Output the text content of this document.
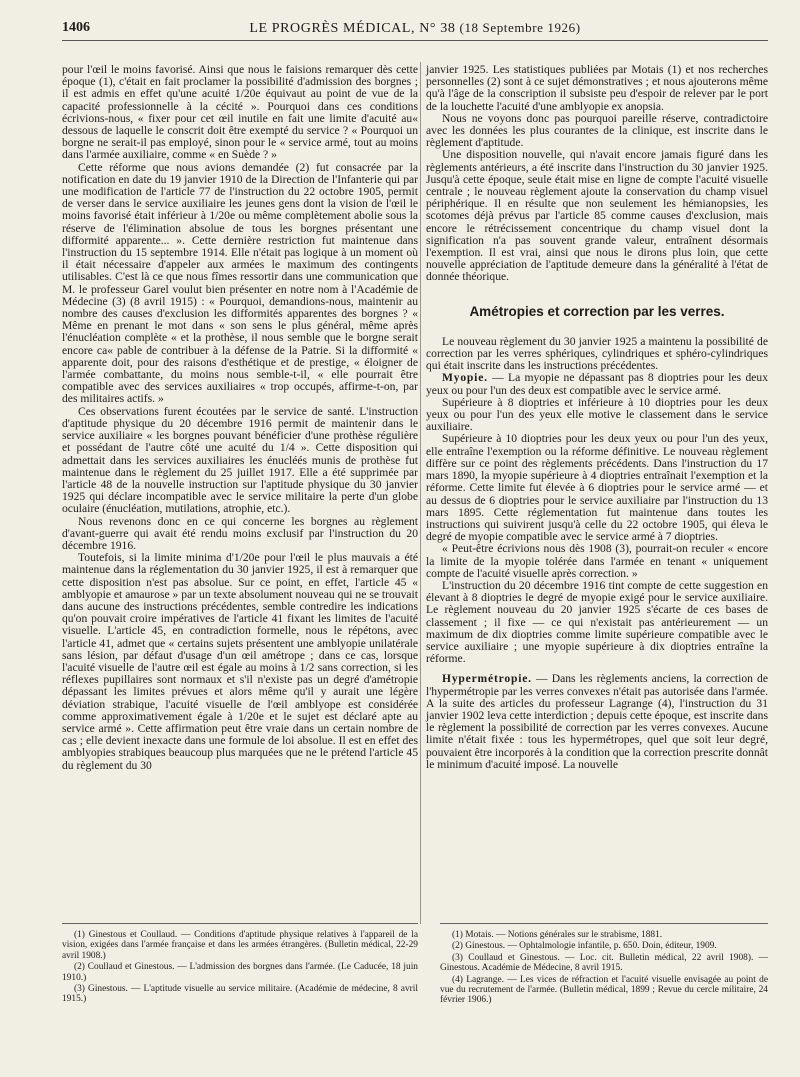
1406	LE PROGRÈS MÉDICAL, N° 38 (18 Septembre 1926)

pour l'œil le moins favorisé. Ainsi que nous le faisions remarquer dès cette époque (1), c'était en fait proclamer la possibilité d'admission des borgnes ; il est admis en effet qu'une acuité 1/20e équivaut au point de vue de la capacité professionnelle à la cécité ». Pourquoi dans ces conditions écrivions-nous, « fixer pour cet œil inutile en fait une limite d'acuité au« dessous de laquelle le conscrit doit être exempté du service ? « Pourquoi un borgne ne serait-il pas employé, sinon pour le « service armé, tout au moins dans l'armée auxiliaire, comme « en Suède ? »

Cette réforme que nous avions demandée (2) fut consacrée par la notification en date du 19 janvier 1910 de la Direction de l'Infanterie qui par une modification de l'article 77 de l'instruction du 22 octobre 1905, permit de verser dans le service auxiliaire les jeunes gens dont la vision de l'œil le moins favorisé était inférieur à 1/20e ou même complètement abolie sous la réserve de l'élimination absolue de tous les borgnes présentant une difformité apparente... ». Cette dernière restriction fut maintenue dans l'instruction du 15 septembre 1914. Elle n'était pas logique à un moment où il était nécessaire d'appeler aux armées le maximum des contingents utilisables. C'est là ce que nous fîmes ressortir dans une communication que M. le professeur Garel voulut bien présenter en notre nom à l'Académie de Médecine (3) (8 avril 1915) : « Pourquoi, demandions-nous, maintenir au nombre des causes d'exclusion les difformités apparentes des borgnes ? « Même en prenant le mot dans « son sens le plus général, même après l'énucléation complète « et la prothèse, il nous semble que le borgne serait encore ca« pable de contribuer à la défense de la Patrie. Si la difformité « apparente doit, pour des raisons d'esthétique et de prestige, « éloigner de l'armée combattante, du moins nous semble-t-il, « elle pourrait être compatible avec des services auxiliaires « trop occupés, affirme-t-on, par des militaires actifs. »

Ces observations furent écoutées par le service de santé. L'instruction d'aptitude physique du 20 décembre 1916 permit de maintenir dans le service auxiliaire « les borgnes pouvant bénéficier d'une prothèse régulière et possédant de l'autre côté une acuité du 1/4 ». Cette disposition qui admettait dans les services auxiliaires les énucléés munis de prothèse fut maintenue dans le règlement du 25 juillet 1917. Elle a été supprimée par l'article 48 de la nouvelle instruction sur l'aptitude physique du 30 janvier 1925 qui déclare incompatible avec le service militaire la perte d'un globe oculaire (énucléation, mutilations, atrophie, etc.).

Nous revenons donc en ce qui concerne les borgnes au règlement d'avant-guerre qui avait été rendu moins exclusif par l'instruction du 20 décembre 1916.

Toutefois, si la limite minima d'1/20e pour l'œil le plus mauvais a été maintenue dans la réglementation du 30 janvier 1925, il est à remarquer que cette disposition n'est pas absolue. Sur ce point, en effet, l'article 45 « amblyopie et amaurose » par un texte absolument nouveau qui ne se trouvait dans aucune des instructions précédentes, semble contredire les indications qu'on pouvait croire impératives de l'article 41 fixant les limites de l'acuité visuelle. L'article 45, en contradiction formelle, nous le répétons, avec l'article 41, admet que « certains sujets présentent une amblyopie unilatérale sans lésion, par défaut d'usage d'un œil amétrope ; dans ce cas, lorsque l'acuité visuelle de l'autre œil est égale au moins à 1/2 sans correction, si les réflexes pupillaires sont normaux et s'il n'existe pas un degré d'amétropie dépassant les limites prévues et alors même qu'il y aurait une légère déviation strabique, l'acuité visuelle de l'œil amblyope est considérée comme approximativement égale à 1/20e et le sujet est déclaré apte au service armé ». Cette affirmation peut être vraie dans un certain nombre de cas ; elle devient inexacte dans une formule de loi absolue. Il est en effet des amblyopies strabiques beaucoup plus marquées que ne le prétend l'article 45 du règlement du 30

janvier 1925. Les statistiques publiées par Motais (1) et nos recherches personnelles (2) sont à ce sujet démonstratives ; et nous ajouterons même qu'à l'âge de la conscription il subsiste peu d'espoir de relever par le port de la louchette l'acuité d'une amblyopie ex anopsia.

Nous ne voyons donc pas pourquoi pareille réserve, contradictoire avec les données les plus courantes de la clinique, est inscrite dans le règlement d'aptitude.

Une disposition nouvelle, qui n'avait encore jamais figuré dans les règlements antérieurs, a été inscrite dans l'instruction du 30 janvier 1925. Jusqu'à cette époque, seule était mise en ligne de compte l'acuité visuelle centrale ; le nouveau règlement ajoute la conservation du champ visuel périphérique. Il en résulte que non seulement les hémianopsies, les scotomes déjà prévus par l'article 85 comme causes d'exclusion, mais encore le rétrécissement concentrique du champ visuel dont la signification n'a pas souvent grande valeur, entraînent désormais l'exemption. Il est vrai, ainsi que nous le dirons plus loin, que cette nouvelle appréciation de l'aptitude demeure dans la généralité à l'état de donnée théorique.

Amétropies et correction par les verres.

Le nouveau règlement du 30 janvier 1925 a maintenu la possibilité de correction par les verres sphériques, cylindriques et sphéro-cylindriques qui était inscrite dans les instructions précédentes.

Myopie. — La myopie ne dépassant pas 8 dioptries pour les deux yeux ou pour l'un des deux est compatible avec le service armé.

Supérieure à 8 dioptries et inférieure à 10 dioptries pour les deux yeux ou pour l'un des yeux elle motive le classement dans le service auxiliaire.

Supérieure à 10 dioptries pour les deux yeux ou pour l'un des yeux, elle entraîne l'exemption ou la réforme définitive. Le nouveau règlement diffère sur ce point des règlements précédents. Dans l'instruction du 17 mars 1890, la myopie supérieure à 4 dioptries entraînait l'exemption et la réforme. Cette limite fut élevée à 6 dioptries pour le service armé — et au dessus de 6 dioptries pour le service auxiliaire par l'instruction du 13 mars 1895. Cette réglementation fut maintenue dans toutes les instructions qui suivirent jusqu'à celle du 22 octobre 1905, qui éleva le degré de myopie compatible avec le service armé à 7 dioptries.

« Peut-être écrivions nous dès 1908 (3), pourrait-on reculer « encore la limite de la myopie tolérée dans l'armée en tenant « uniquement compte de l'acuité visuelle après correction. »

L'instruction du 20 décembre 1916 tint compte de cette suggestion en élevant à 8 dioptries le degré de myopie exigé pour le service auxiliaire. Le règlement nouveau du 20 janvier 1925 s'écarte de ces bases de classement ; il fixe — ce qui n'existait pas antérieurement — un maximum de dix dioptries comme limite supérieure compatible avec le service auxiliaire ; une myopie supérieure à dix dioptries entraîne la réforme.

Hypermétropie. — Dans les règlements anciens, la correction de l'hypermétropie par les verres convexes n'était pas autorisée dans l'armée. A la suite des articles du professeur Lagrange (4), l'instruction du 31 janvier 1902 leva cette interdiction ; depuis cette époque, est inscrite dans le règlement la possibilité de correction par les verres convexes. Aucune limite n'était fixée : tous les hypermétropes, quel que soit leur degré, pouvaient être incorporés à la condition que la correction prescrite donnât le minimum d'acuité imposé. La nouvelle

(1) Ginestous et Coullaud. — Conditions d'aptitude physique relatives à l'appareil de la vision, exigées dans l'armée française et dans les armées étrangères. (Bulletin médical, 22-29 avril 1908.)

(2) Coullaud et Ginestous. — L'admission des borgnes dans l'armée. (Le Caducée, 18 juin 1910.)

(3) Ginestous. — L'aptitude visuelle au service militaire. (Académie de médecine, 8 avril 1915.)

(1) Motais. — Notions générales sur le strabisme, 1881.

(2) Ginestous. — Ophtalmologie infantile, p. 650. Doin, éditeur, 1909.

(3) Coullaud et Ginestous. — Loc. cit. Bulletin médical, 22 avril 1908). — Ginestous. Académie de Médecine, 8 avril 1915.

(4) Lagrange. — Les vices de réfraction et l'acuité visuelle envisagée au point de vue du recrutement de l'armée. (Bulletin médical, 1899 ; Revue du cercle militaire, 24 février 1906.)
